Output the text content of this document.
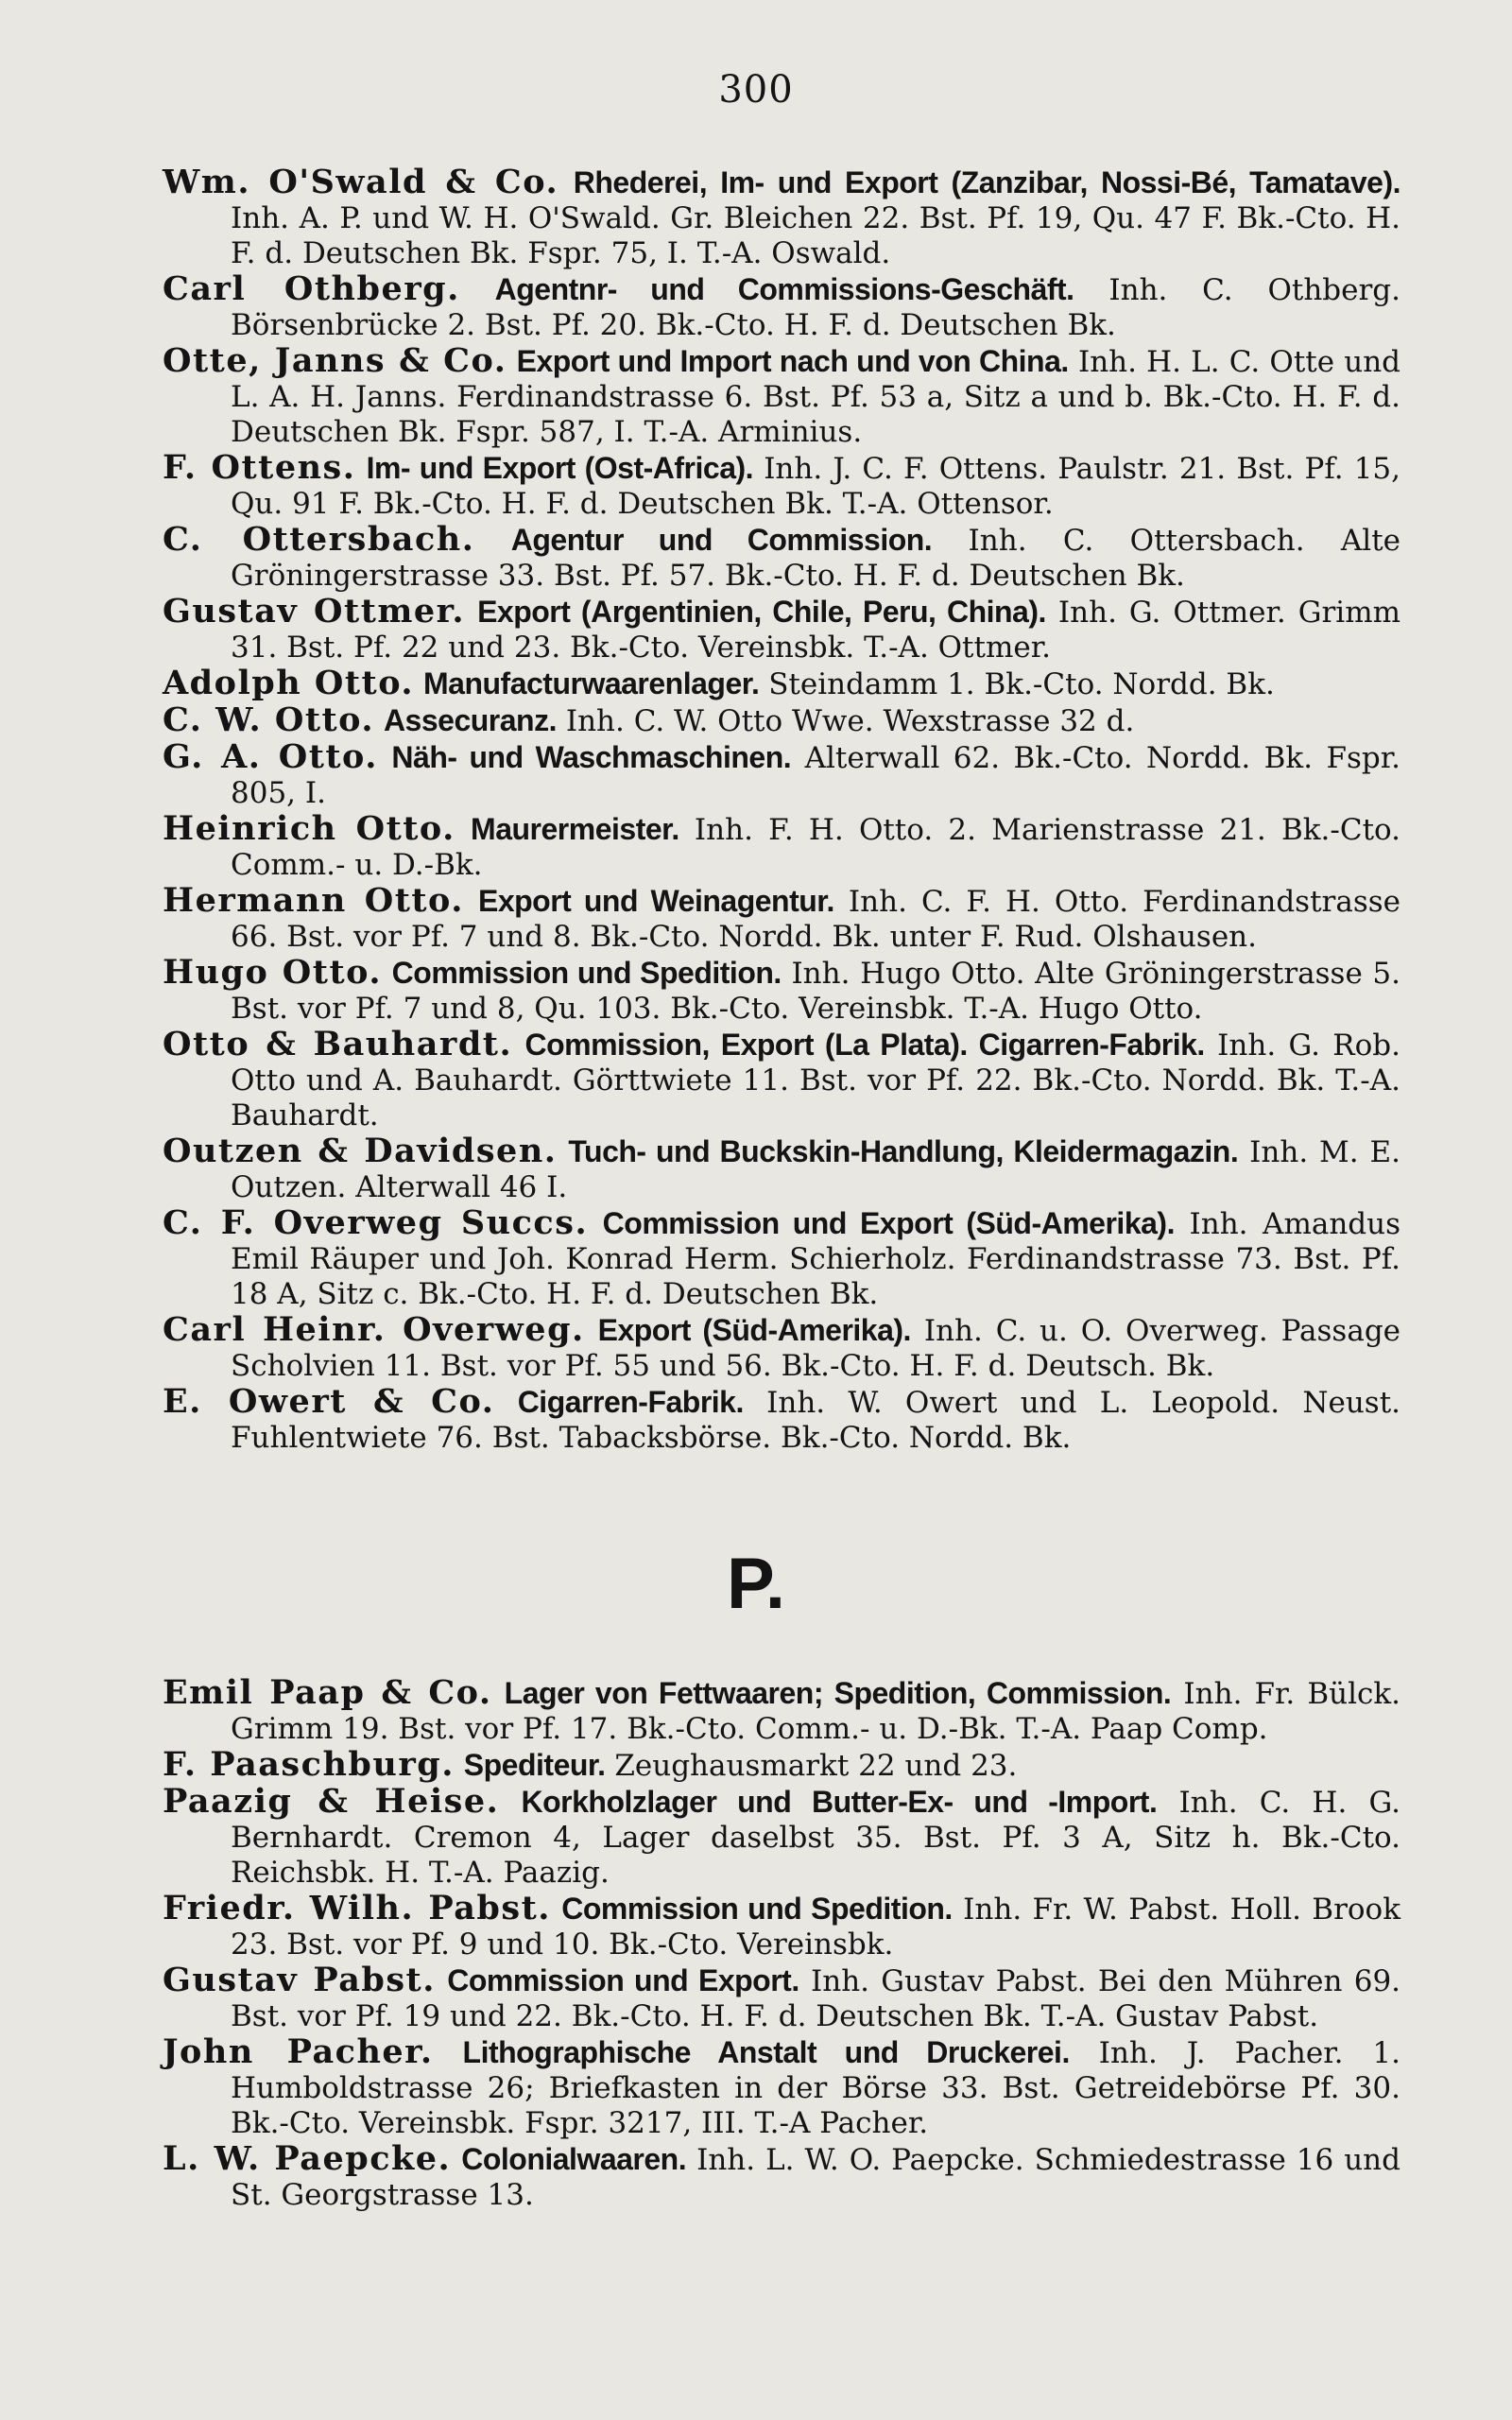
300
Wm. O'Swald & Co. Rhederei, Im- und Export (Zanzibar, Nossi-Bé, Tamatave). Inh. A. P. und W. H. O'Swald. Gr. Bleichen 22. Bst. Pf. 19, Qu. 47 F. Bk.-Cto. H. F. d. Deutschen Bk. Fspr. 75, I. T.-A. Oswald.
Carl Othberg. Agentnr- und Commissions-Geschäft. Inh. C. Othberg. Börsenbrücke 2. Bst. Pf. 20. Bk.-Cto. H. F. d. Deutschen Bk.
Otte, Janns & Co. Export und Import nach und von China. Inh. H. L. C. Otte und L. A. H. Janns. Ferdinandstrasse 6. Bst. Pf. 53 a, Sitz a und b. Bk.-Cto. H. F. d. Deutschen Bk. Fspr. 587, I. T.-A. Arminius.
F. Ottens. Im- und Export (Ost-Africa). Inh. J. C. F. Ottens. Paulstr. 21. Bst. Pf. 15, Qu. 91 F. Bk.-Cto. H. F. d. Deutschen Bk. T.-A. Ottensor.
C. Ottersbach. Agentur und Commission. Inh. C. Ottersbach. Alte Gröningerstrasse 33. Bst. Pf. 57. Bk.-Cto. H. F. d. Deutschen Bk.
Gustav Ottmer. Export (Argentinien, Chile, Peru, China). Inh. G. Ottmer. Grimm 31. Bst. Pf. 22 und 23. Bk.-Cto. Vereinsbk. T.-A. Ottmer.
Adolph Otto. Manufacturwaarenlager. Steindamm 1. Bk.-Cto. Nordd. Bk.
C. W. Otto. Assecuranz. Inh. C. W. Otto Wwe. Wexstrasse 32 d.
G. A. Otto. Näh- und Waschmaschinen. Alterwall 62. Bk.-Cto. Nordd. Bk. Fspr. 805, I.
Heinrich Otto. Maurermeister. Inh. F. H. Otto. 2. Marienstrasse 21. Bk.-Cto. Comm.- u. D.-Bk.
Hermann Otto. Export und Weinagentur. Inh. C. F. H. Otto. Ferdinandstrasse 66. Bst. vor Pf. 7 und 8. Bk.-Cto. Nordd. Bk. unter F. Rud. Olshausen.
Hugo Otto. Commission und Spedition. Inh. Hugo Otto. Alte Gröningerstrasse 5. Bst. vor Pf. 7 und 8, Qu. 103. Bk.-Cto. Vereinsbk. T.-A. Hugo Otto.
Otto & Bauhardt. Commission, Export (La Plata). Cigarren-Fabrik. Inh. G. Rob. Otto und A. Bauhardt. Görttwiete 11. Bst. vor Pf. 22. Bk.-Cto. Nordd. Bk. T.-A. Bauhardt.
Outzen & Davidsen. Tuch- und Buckskin-Handlung, Kleidermagazin. Inh. M. E. Outzen. Alterwall 46 I.
C. F. Overweg Succs. Commission und Export (Süd-Amerika). Inh. Amandus Emil Räuper und Joh. Konrad Herm. Schierholz. Ferdinandstrasse 73. Bst. Pf. 18 A, Sitz c. Bk.-Cto. H. F. d. Deutschen Bk.
Carl Heinr. Overweg. Export (Süd-Amerika). Inh. C. u. O. Overweg. Passage Scholvien 11. Bst. vor Pf. 55 und 56. Bk.-Cto. H. F. d. Deutsch. Bk.
E. Owert & Co. Cigarren-Fabrik. Inh. W. Owert und L. Leopold. Neust. Fuhlentwiete 76. Bst. Tabacksbörse. Bk.-Cto. Nordd. Bk.
P.
Emil Paap & Co. Lager von Fettwaaren; Spedition, Commission. Inh. Fr. Bülck. Grimm 19. Bst. vor Pf. 17. Bk.-Cto. Comm.- u. D.-Bk. T.-A. Paap Comp.
F. Paaschburg. Spediteur. Zeughausmarkt 22 und 23.
Paazig & Heise. Korkholzlager und Butter-Ex- und -Import. Inh. C. H. G. Bernhardt. Cremon 4, Lager daselbst 35. Bst. Pf. 3 A, Sitz h. Bk.-Cto. Reichsbk. H. T.-A. Paazig.
Friedr. Wilh. Pabst. Commission und Spedition. Inh. Fr. W. Pabst. Holl. Brook 23. Bst. vor Pf. 9 und 10. Bk.-Cto. Vereinsbk.
Gustav Pabst. Commission und Export. Inh. Gustav Pabst. Bei den Mühren 69. Bst. vor Pf. 19 und 22. Bk.-Cto. H. F. d. Deutschen Bk. T.-A. Gustav Pabst.
John Pacher. Lithographische Anstalt und Druckerei. Inh. J. Pacher. 1. Humboldstrasse 26; Briefkasten in der Börse 33. Bst. Getreidebörse Pf. 30. Bk.-Cto. Vereinsbk. Fspr. 3217, III. T.-A Pacher.
L. W. Paepcke. Colonialwaaren. Inh. L. W. O. Paepcke. Schmiedestrasse 16 und St. Georgstrasse 13.
